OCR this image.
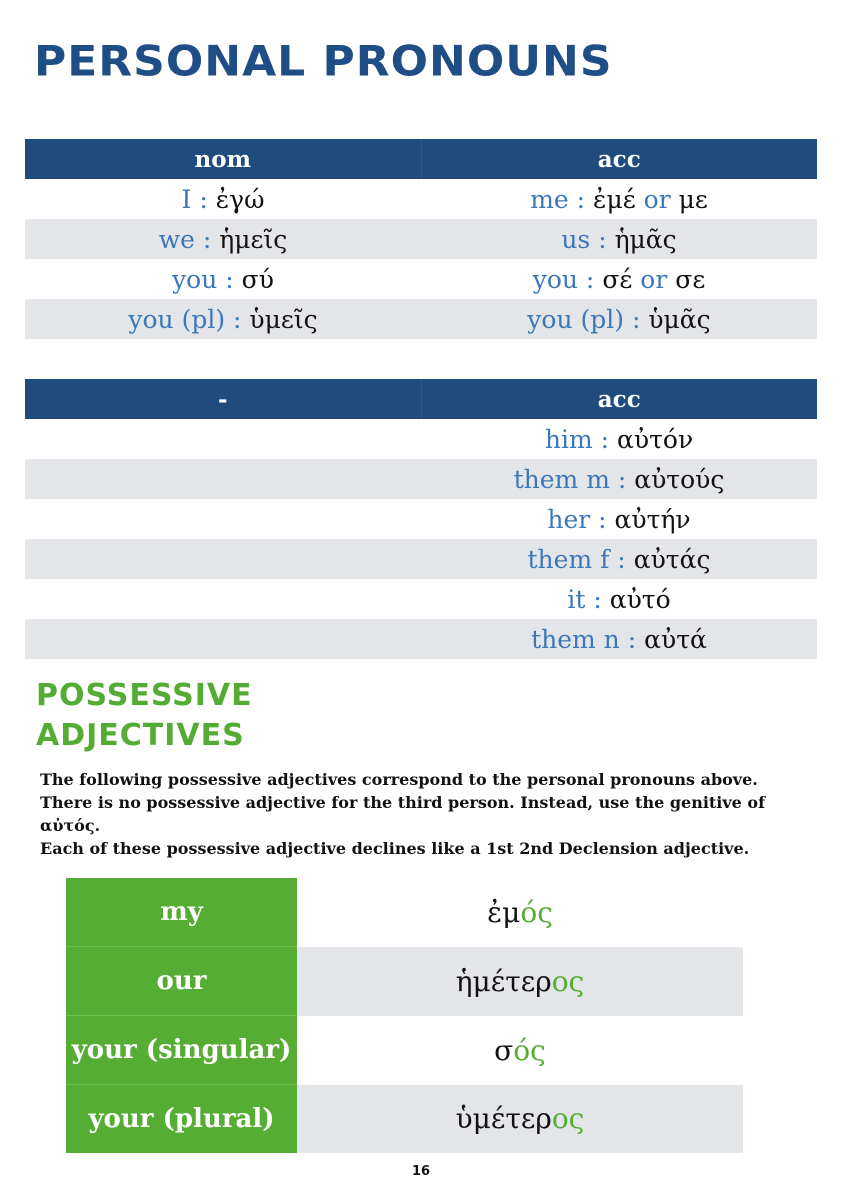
PERSONAL PRONOUNS
nom	acc
I : ἐγώ	me : ἐμέ or με
we : ἡμεῖς	us : ἡμᾶς
you : σύ	you : σέ or σε
you (pl) : ὑμεῖς	you (pl) : ὑμᾶς
-	acc
	him : αὐτόν
	them m : αὐτούς
	her : αὐτήν
	them f : αὐτάς
	it : αὐτό
	them n : αὐτά
POSSESSIVE
ADJECTIVES

The following possessive adjectives correspond to the personal pronouns above. There is no possessive adjective for the third person. Instead, use the genitive of αὐτός.

Each of these possessive adjective declines like a 1st 2nd Declension adjective.

my	ἐμός
our	ἡμέτερος
your (singular)	σός
your (plural)	ὑμέτερος
16
